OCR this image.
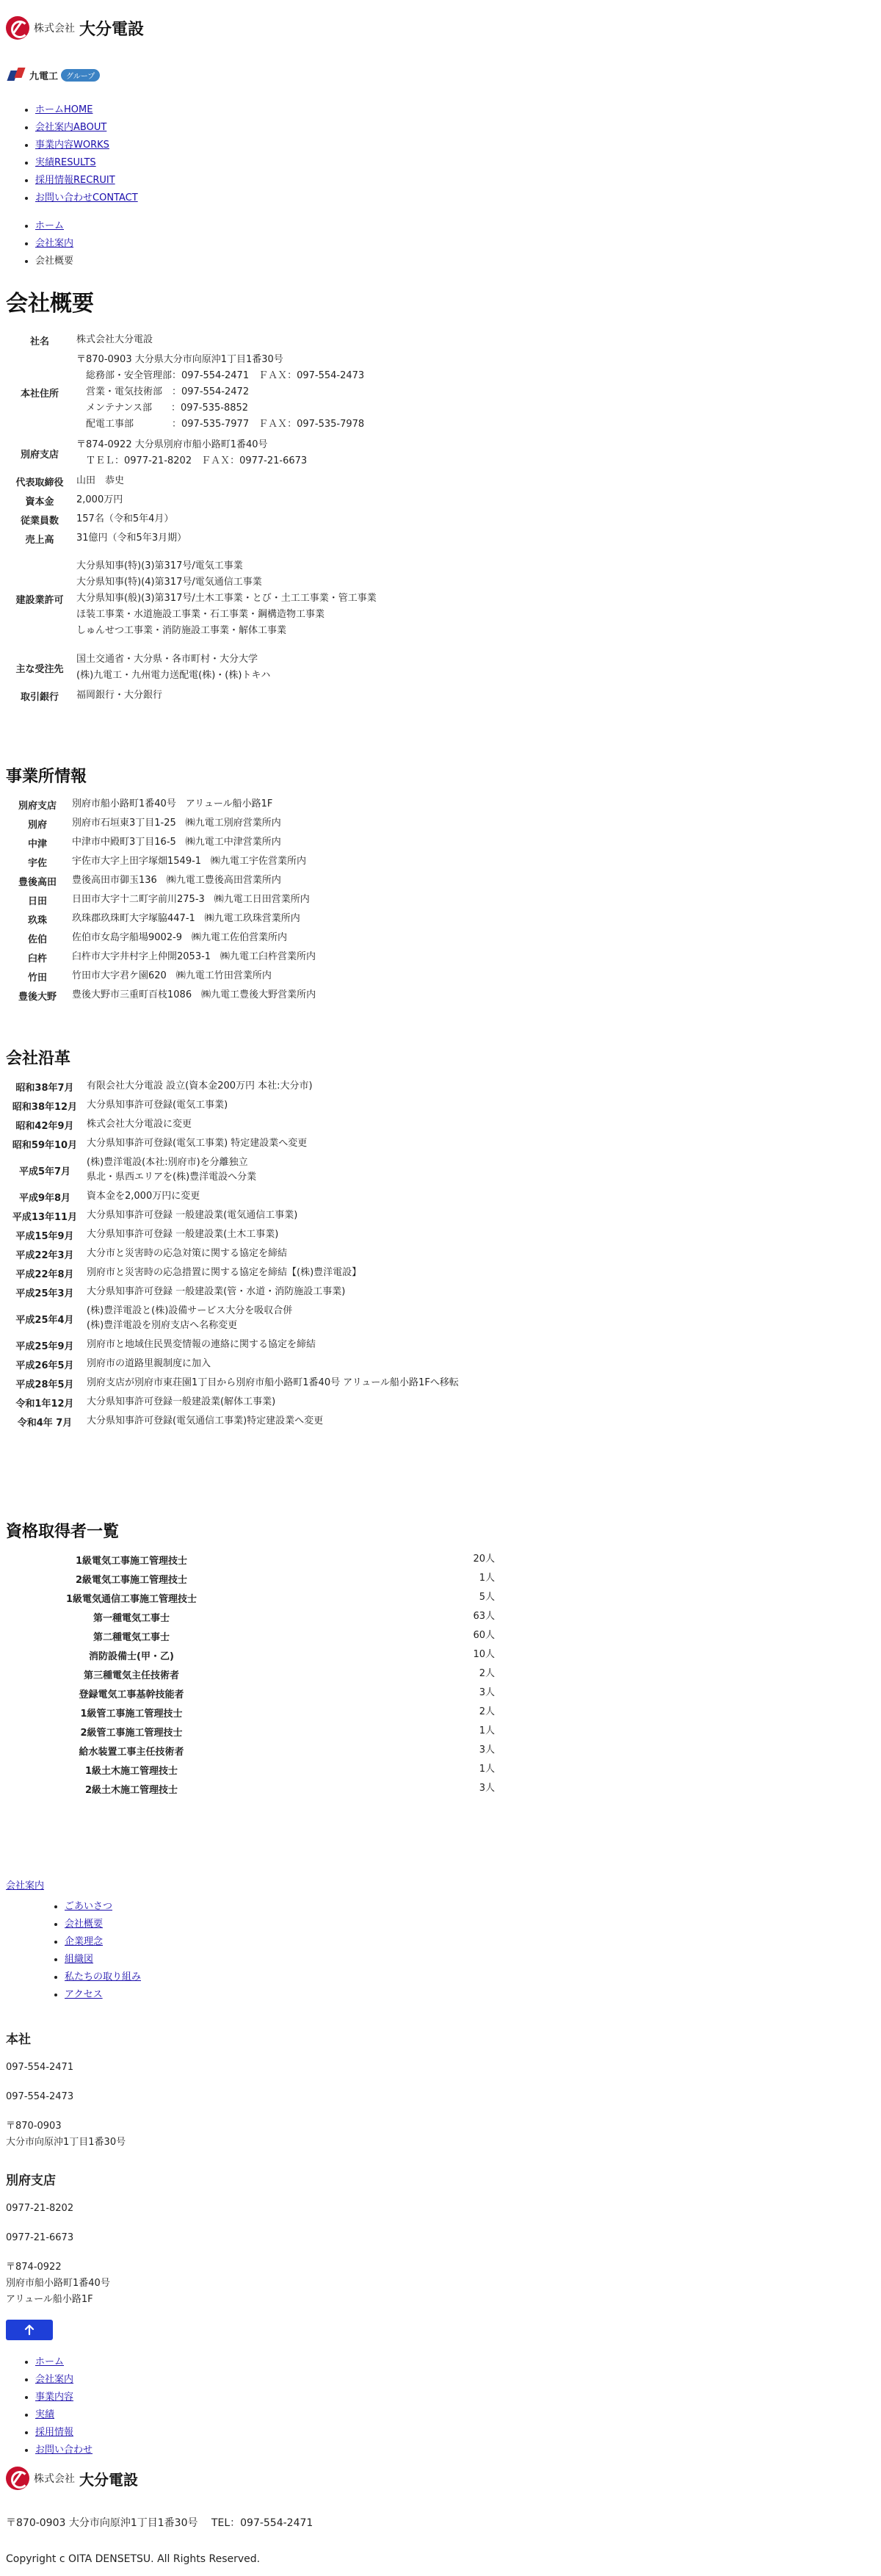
株式会社 大分電設
九電工	グループ
• ホームHOME
• 会社案内ABOUT
• 事業内容WORKS
• 実績RESULTS
• 採用情報RECRUIT
• お問い合わせCONTACT
• ホーム
• 会社案内
• 会社概要
会社概要
社名	株式会社大分電設
本社住所	〒870-0903 大分県大分市向原沖1丁目1番30号
　総務部・安全管理部：097-554-2471　ＦＡＸ：097-554-2473
　営業・電気技術部　：097-554-2472
　メンテナンス部　　：097-535-8852
　配電工事部　　　　：097-535-7977　ＦＡＸ：097-535-7978

別府支店	〒874-0922 大分県別府市船小路町1番40号
　ＴＥＬ：0977-21-8202　ＦＡＸ：0977-21-6673

代表取締役	山田　恭史
資本金	2,000万円
従業員数	157名（令和5年4月）
売上高	31億円（令和5年3月期）
建設業許可	大分県知事(特)(3)第317号/電気工事業
大分県知事(特)(4)第317号/電気通信工事業
大分県知事(般)(3)第317号/土木工事業・とび・土工工事業・管工事業
ほ装工事業・水道施設工事業・石工事業・鋼構造物工事業
しゅんせつ工事業・消防施設工事業・解体工事業

主な受注先	国土交通省・大分県・各市町村・大分大学
(株)九電工・九州電力送配電(株)・(株)トキハ

取引銀行	福岡銀行・大分銀行
事業所情報
別府支店	別府市船小路町1番40号　アリュール船小路1F
別府	別府市石垣東3丁目1-25　㈱九電工別府営業所内
中津	中津市中殿町3丁目16-5　㈱九電工中津営業所内
宇佐	宇佐市大字上田字塚畑1549-1　㈱九電工宇佐営業所内
豊後高田	豊後高田市御玉136　㈱九電工豊後高田営業所内
日田	日田市大字十二町字前川275-3　㈱九電工日田営業所内
玖珠	玖珠郡玖珠町大字塚脇447-1　㈱九電工玖珠営業所内
佐伯	佐伯市女島字船場9002-9　㈱九電工佐伯営業所内
臼杵	臼杵市大字井村字上仲開2053-1　㈱九電工臼杵営業所内
竹田	竹田市大字君ケ園620　㈱九電工竹田営業所内
豊後大野	豊後大野市三重町百枝1086　㈱九電工豊後大野営業所内
会社沿革
昭和38年7月	有限会社大分電設 設立(資本金200万円 本社:大分市)
昭和38年12月	大分県知事許可登録(電気工事業)
昭和42年9月	株式会社大分電設に変更
昭和59年10月	大分県知事許可登録(電気工事業) 特定建設業へ変更
平成5年7月	(株)豊洋電設(本社:別府市)を分離独立
県北・県西エリアを(株)豊洋電設へ分業
平成9年8月	資本金を2,000万円に変更
平成13年11月	大分県知事許可登録 一般建設業(電気通信工事業)
平成15年9月	大分県知事許可登録 一般建設業(土木工事業)
平成22年3月	大分市と災害時の応急対策に関する協定を締結
平成22年8月	別府市と災害時の応急措置に関する協定を締結【(株)豊洋電設】
平成25年3月	大分県知事許可登録 一般建設業(管・水道・消防施設工事業)
平成25年4月	(株)豊洋電設と(株)設備サービス大分を吸収合併
(株)豊洋電設を別府支店へ名称変更
平成25年9月	別府市と地域住民異変情報の連絡に関する協定を締結
平成26年5月	別府市の道路里親制度に加入
平成28年5月	別府支店が別府市東荘園1丁目から別府市船小路町1番40号 アリュール船小路1Fへ移転
令和1年12月	大分県知事許可登録一般建設業(解体工事業)
令和4年 7月	大分県知事許可登録(電気通信工事業)特定建設業へ変更
資格取得者一覧
1級電気工事施工管理技士	20人
2級電気工事施工管理技士	1人
1級電気通信工事施工管理技士	5人
第一種電気工事士	63人
第二種電気工事士	60人
消防設備士(甲・乙)	10人
第三種電気主任技術者	2人
登録電気工事基幹技能者	3人
1級管工事施工管理技士	2人
2級管工事施工管理技士	1人
給水装置工事主任技術者	3人
1級土木施工管理技士	1人
2級土木施工管理技士	3人
会社案内
• ごあいさつ
• 会社概要
• 企業理念
• 組織図
• 私たちの取り組み
• アクセス
本社

097-554-2471

097-554-2473

〒870-0903
大分市向原沖1丁目1番30号

別府支店

0977-21-8202

0977-21-6673

〒874-0922
別府市船小路町1番40号
アリュール船小路1F

• ホーム
• 会社案内
• 事業内容
• 実績
• 採用情報
• お問い合わせ
株式会社 大分電設

〒870-0903 大分市向原沖1丁目1番30号　 TEL：097-554-2471

Copyright c OITA DENSETSU. All Rights Reserved.
